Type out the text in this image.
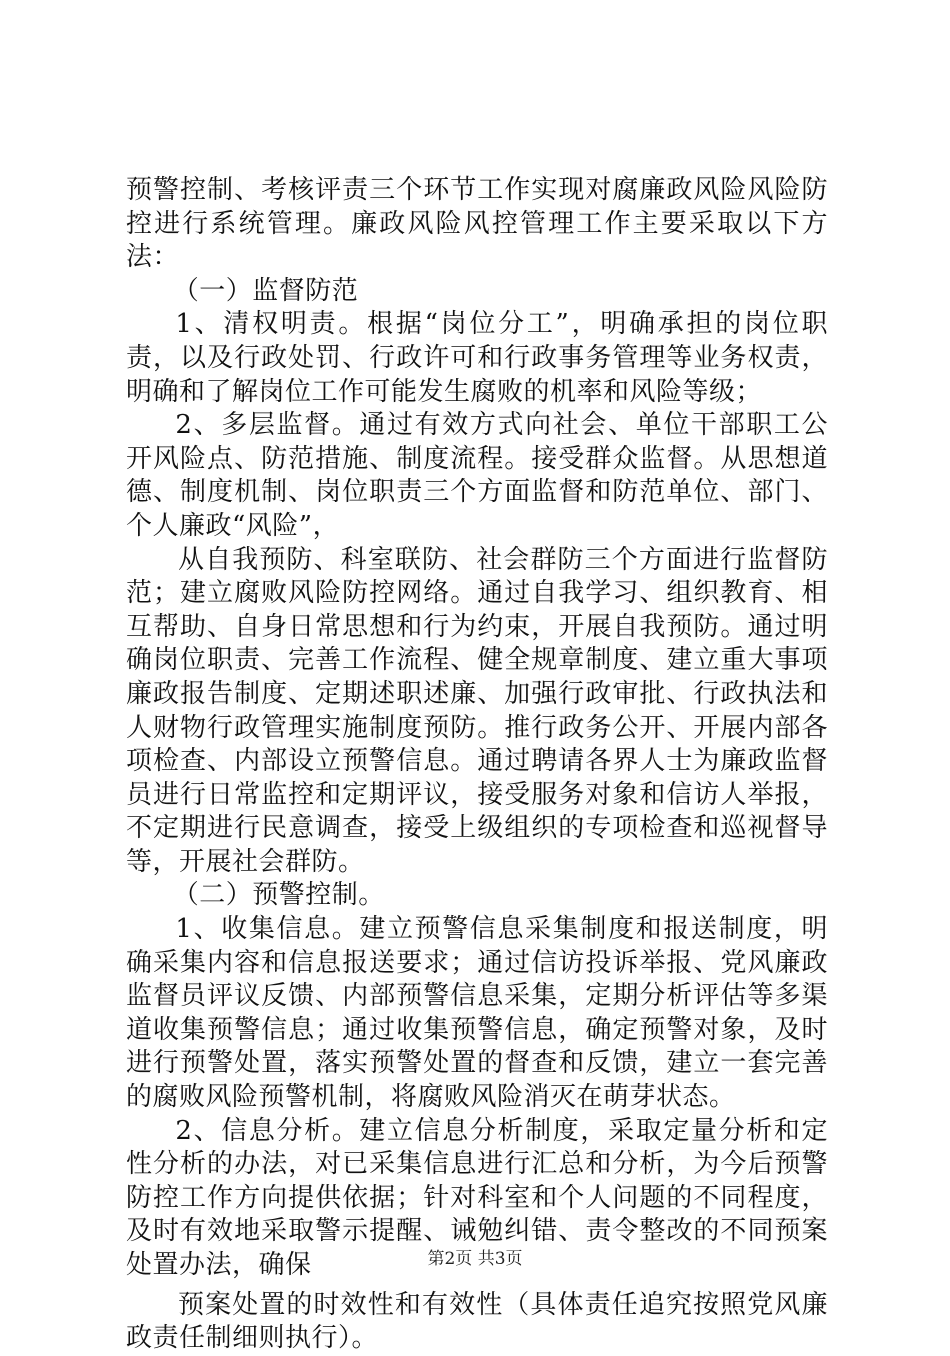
预警控制、考核评责三个环节工作实现对腐廉政风险风险防控进行系统管理。廉政风险风控管理工作主要采取以下方法：

（一）监督防范

1、清权明责。根据“岗位分工”，明确承担的岗位职责，以及行政处罚、行政许可和行政事务管理等业务权责，明确和了解岗位工作可能发生腐败的机率和风险等级；

2、多层监督。通过有效方式向社会、单位干部职工公开风险点、防范措施、制度流程。接受群众监督。从思想道德、制度机制、岗位职责三个方面监督和防范单位、部门、个人廉政“风险”，

从自我预防、科室联防、社会群防三个方面进行监督防范；建立腐败风险防控网络。通过自我学习、组织教育、相互帮助、自身日常思想和行为约束，开展自我预防。通过明确岗位职责、完善工作流程、健全规章制度、建立重大事项廉政报告制度、定期述职述廉、加强行政审批、行政执法和人财物行政管理实施制度预防。推行政务公开、开展内部各项检查、内部设立预警信息。通过聘请各界人士为廉政监督员进行日常监控和定期评议，接受服务对象和信访人举报，不定期进行民意调查，接受上级组织的专项检查和巡视督导等，开展社会群防。

（二）预警控制。

1、收集信息。建立预警信息采集制度和报送制度，明确采集内容和信息报送要求；通过信访投诉举报、党风廉政监督员评议反馈、内部预警信息采集，定期分析评估等多渠道收集预警信息；通过收集预警信息，确定预警对象，及时进行预警处置，落实预警处置的督查和反馈，建立一套完善的腐败风险预警机制，将腐败风险消灭在萌芽状态。

2、信息分析。建立信息分析制度，采取定量分析和定性分析的办法，对已采集信息进行汇总和分析，为今后预警防控工作方向提供依据；针对科室和个人问题的不同程度，及时有效地采取警示提醒、诫勉纠错、责令整改的不同预案处置办法，确保

预案处置的时效性和有效性（具体责任追究按照党风廉政责任制细则执行）。

第2页 共3页
